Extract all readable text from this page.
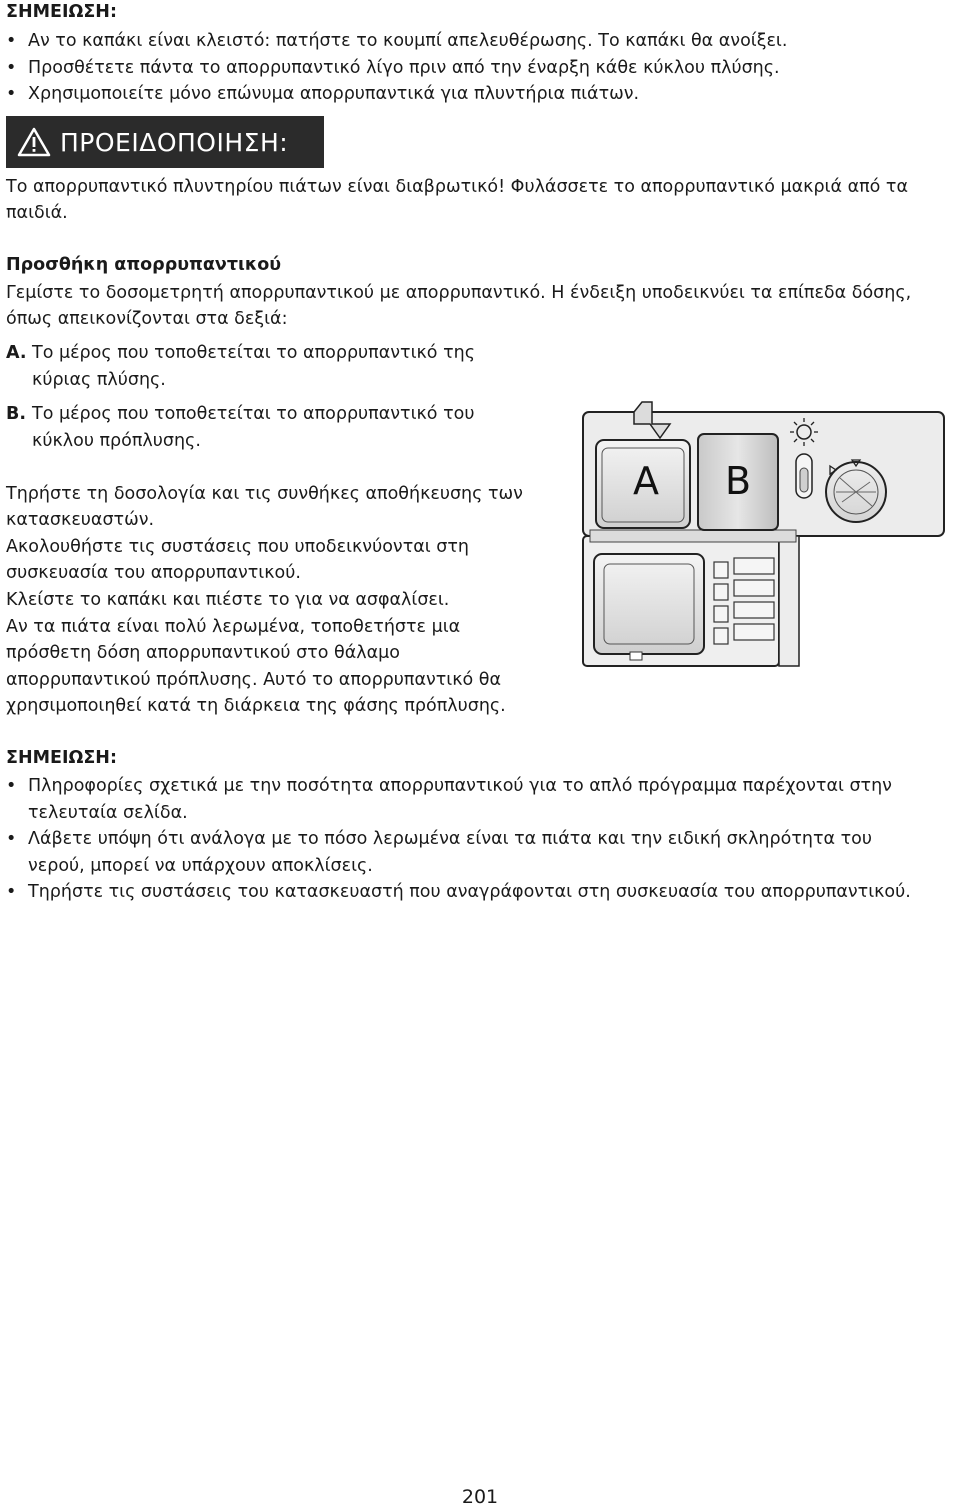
ΣΗΜΕΙΩΣΗ:
• Αν το καπάκι είναι κλειστό: πατήστε το κουμπί απελευθέρωσης. Το καπάκι θα ανοίξει.
• Προσθέτετε πάντα το απορρυπαντικό λίγο πριν από την έναρξη κάθε κύκλου πλύσης.
• Χρησιμοποιείτε μόνο επώνυμα απορρυπαντικά για πλυντήρια πιάτων.
ΠΡΟΕΙΔΟΠΟΙΗΣΗ:

Το απορρυπαντικό πλυντηρίου πιάτων είναι διαβρωτικό! Φυλάσσετε το απορρυπαντικό μακριά από τα

παιδιά.

Προσθήκη απορρυπαντικού

Γεμίστε το δοσομετρητή απορρυπαντικού με απορρυπαντικό. Η ένδειξη υποδεικνύει τα επίπεδα δόσης,

όπως απεικονίζονται στα δεξιά:

A. Το μέρος που τοποθετείται το απορρυπαντικό της
κύριας πλύσης.
B. Το μέρος που τοποθετείται το απορρυπαντικό του
κύκλου πρόπλυσης.

Τηρήστε τη δοσολογία και τις συνθήκες αποθήκευσης των

κατασκευαστών.

Ακολουθήστε τις συστάσεις που υποδεικνύονται στη

συσκευασία του απορρυπαντικού.

Κλείστε το καπάκι και πιέστε το για να ασφαλίσει.

Αν τα πιάτα είναι πολύ λερωμένα, τοποθετήστε μια

πρόσθετη δόση απορρυπαντικού στο θάλαμο

απορρυπαντικού πρόπλυσης. Αυτό το απορρυπαντικό θα

χρησιμοποιηθεί κατά τη διάρκεια της φάσης πρόπλυσης.

A B
ΣΗΜΕΙΩΣΗ:
• Πληροφορίες σχετικά με την ποσότητα απορρυπαντικού για το απλό πρόγραμμα παρέχονται στην
τελευταία σελίδα.
• Λάβετε υπόψη ότι ανάλογα με το πόσο λερωμένα είναι τα πιάτα και την ειδική σκληρότητα του
νερού, μπορεί να υπάρχουν αποκλίσεις.
• Τηρήστε τις συστάσεις του κατασκευαστή που αναγράφονται στη συσκευασία του απορρυπαντικού.
201
